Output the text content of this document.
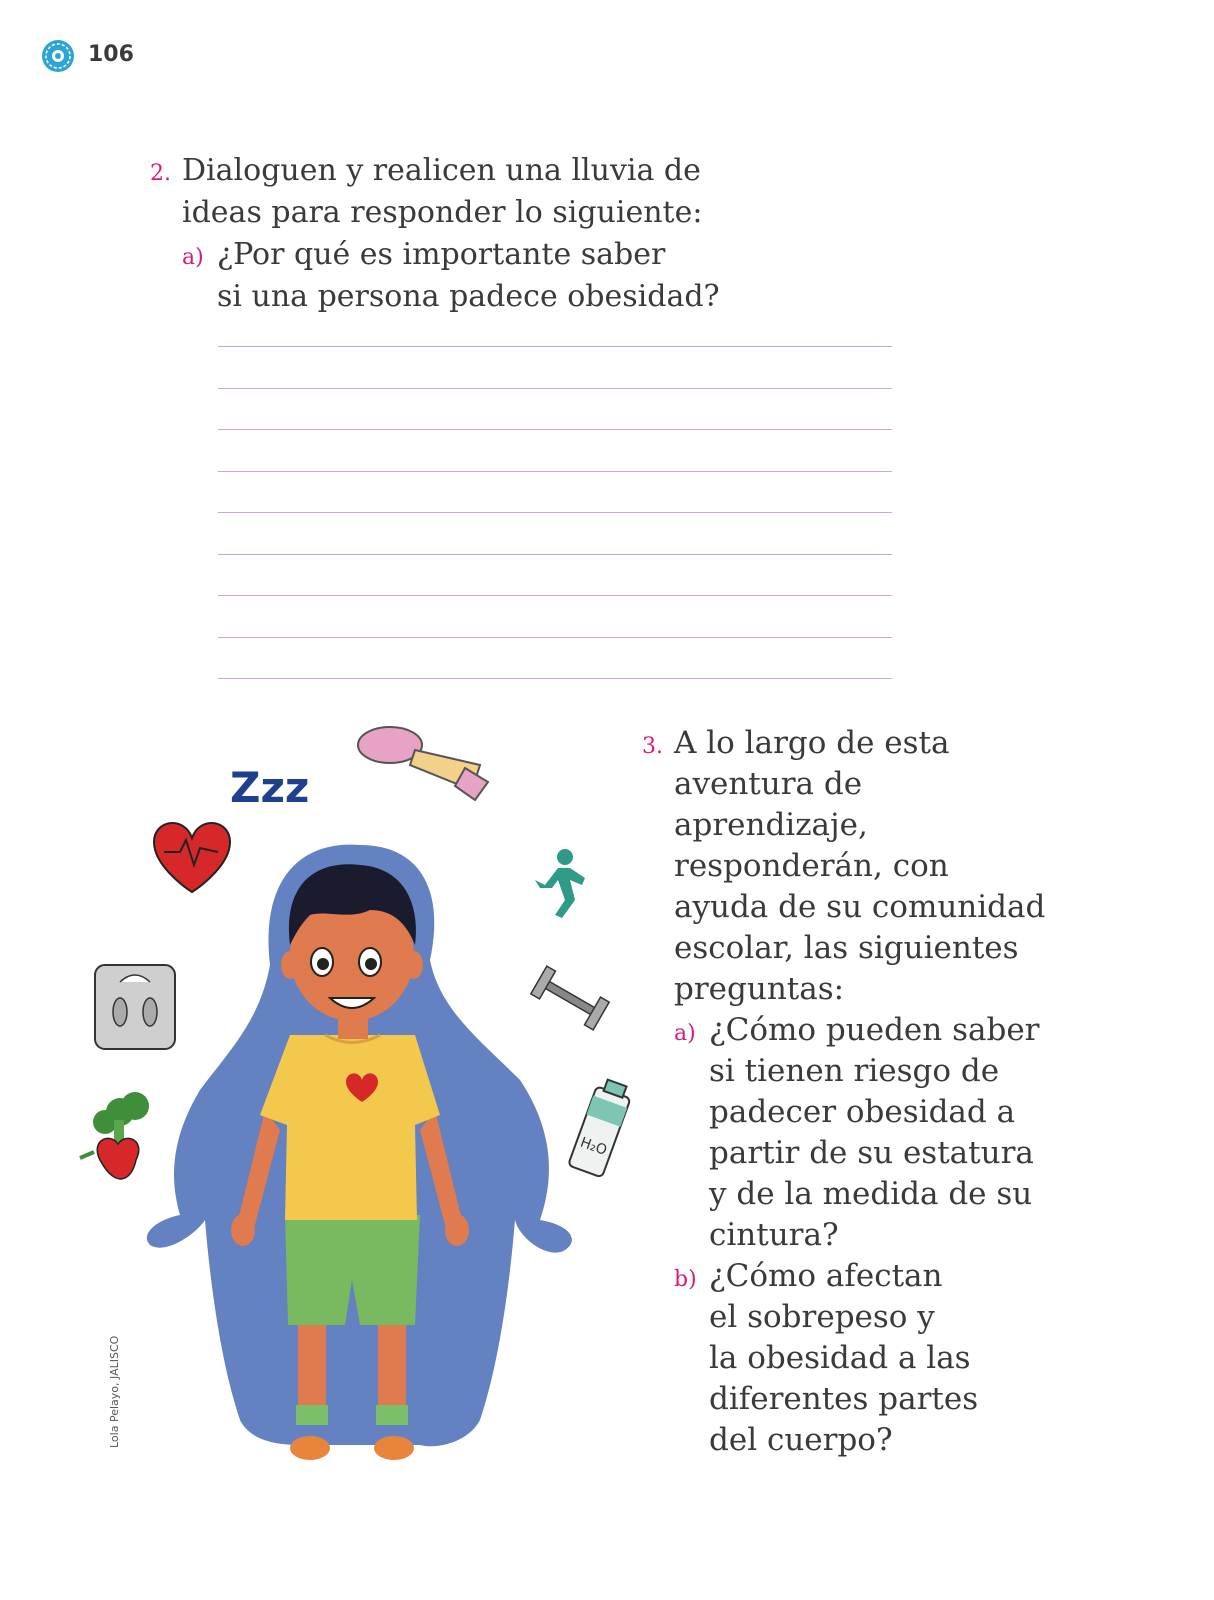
106
2. Dialoguen y realicen una lluvia de
ideas para responder lo siguiente:
a) ¿Por qué es importante saber
si una persona padece obesidad?
Zzz
H₂O
Lola Pelayo, JALISCO
3. A lo largo de esta
aventura de aprendizaje,
responderán, con
ayuda de su comunidad
escolar, las siguientes
preguntas:
a) ¿Cómo pueden saber
si tienen riesgo de
padecer obesidad a
partir de su estatura
y de la medida de su
cintura?
b) ¿Cómo afectan
el sobrepeso y
la obesidad a las
diferentes partes
del cuerpo?
